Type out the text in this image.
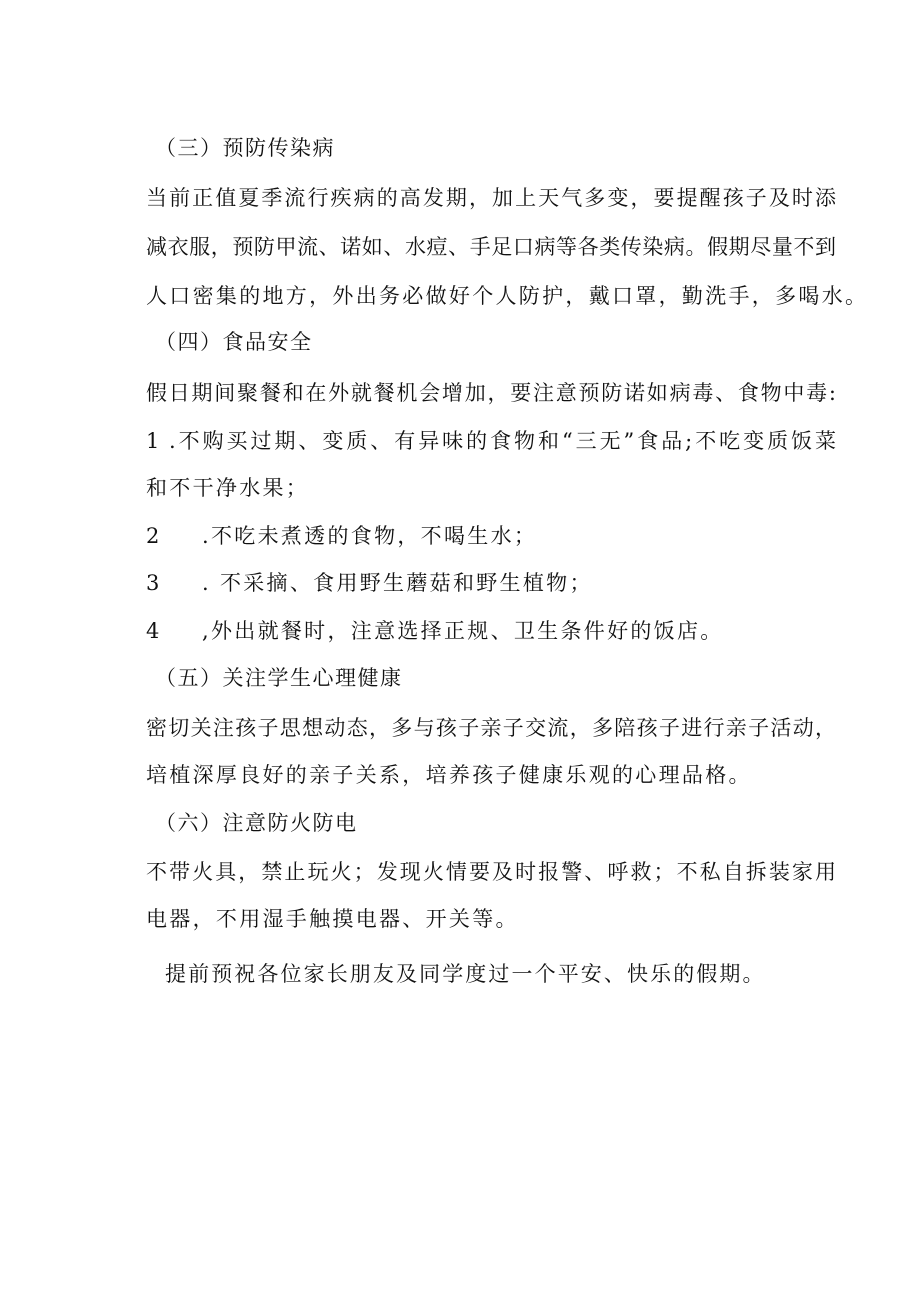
（三）预防传染病
当前正值夏季流行疾病的高发期，加上天气多变，要提醒孩子及时添
减衣服，预防甲流、诺如、水痘、手足口病等各类传染病。假期尽量不到
人口密集的地方，外出务必做好个人防护，戴口罩，勤洗手，多喝水。
（四）食品安全
假日期间聚餐和在外就餐机会增加，要注意预防诺如病毒、食物中毒:
1 .不购买过期、变质、有异味的食物和“三无”食品;不吃变质饭菜
和不干净水果；
2 .不吃未煮透的食物，不喝生水；
3 . 不采摘、食用野生蘑菇和野生植物；
4 ,外出就餐时，注意选择正规、卫生条件好的饭店。
（五）关注学生心理健康
密切关注孩子思想动态，多与孩子亲子交流，多陪孩子进行亲子活动，
培植深厚良好的亲子关系，培养孩子健康乐观的心理品格。
（六）注意防火防电
不带火具，禁止玩火；发现火情要及时报警、呼救；不私自拆装家用
电器，不用湿手触摸电器、开关等。
提前预祝各位家长朋友及同学度过一个平安、快乐的假期。
